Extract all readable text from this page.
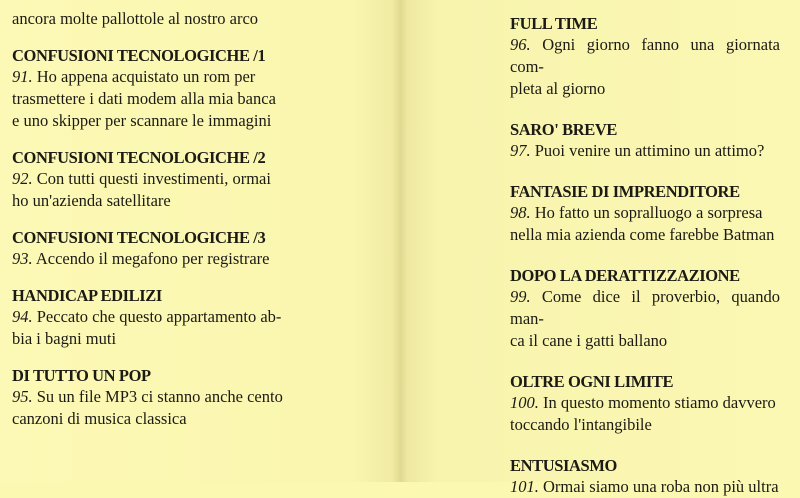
ancora molte pallottole al nostro arco

CONFUSIONI TECNOLOGICHE /1

91. Ho appena acquistato un rom per
trasmettere i dati modem alla mia banca
e uno skipper per scannare le immagini

CONFUSIONI TECNOLOGICHE /2

92. Con tutti questi investimenti, ormai
ho un'azienda satellitare

CONFUSIONI TECNOLOGICHE /3

93. Accendo il megafono per registrare

HANDICAP EDILIZI

94. Peccato che questo appartamento ab-
bia i bagni muti

DI TUTTO UN POP

95. Su un file MP3 ci stanno anche cento
canzoni di musica classica

FULL TIME

96. Ogni giorno fanno una giornata com-
pleta al giorno

SARO' BREVE

97. Puoi venire un attimino un attimo?

FANTASIE DI IMPRENDITORE

98. Ho fatto un sopralluogo a sorpresa
nella mia azienda come farebbe Batman

DOPO LA DERATTIZZAZIONE

99. Come dice il proverbio, quando man-
ca il cane i gatti ballano

OLTRE OGNI LIMITE

100. In questo momento stiamo davvero
toccando l'intangibile

ENTUSIASMO

101. Ormai siamo una roba non più ultra
